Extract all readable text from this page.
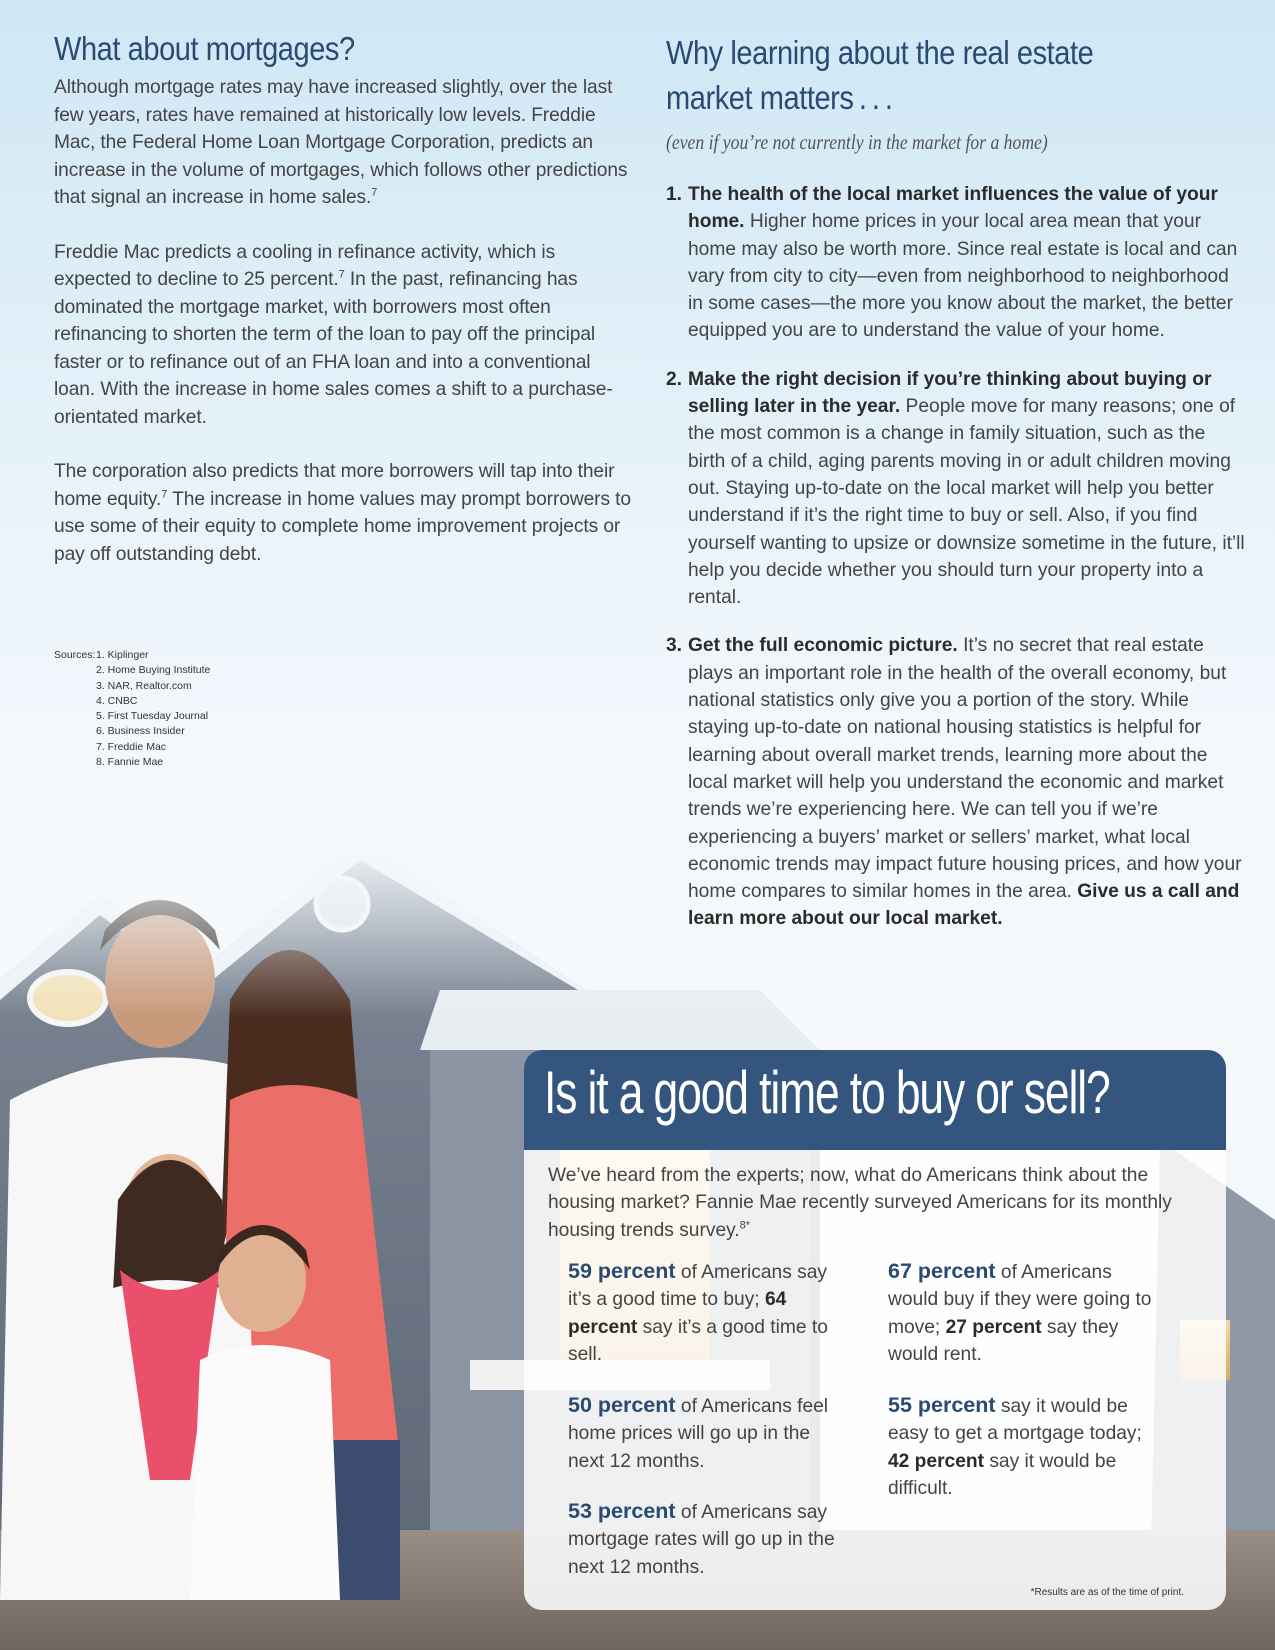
What about mortgages?

Although mortgage rates may have increased slightly, over the last few years, rates have remained at historically low levels. Freddie Mac, the Federal Home Loan Mortgage Corporation, predicts an increase in the volume of mortgages, which follows other predictions that signal an increase in home sales.$^7$

Freddie Mac predicts a cooling in refinance activity, which is expected to decline to 25 percent.$^7$ In the past, refinancing has dominated the mortgage market, with borrowers most often refinancing to shorten the term of the loan to pay off the principal faster or to refinance out of an FHA loan and into a conventional loan. With the increase in home sales comes a shift to a purchase-orientated market.

The corporation also predicts that more borrowers will tap into their home equity.$^7$ The increase in home values may prompt borrowers to use some of their equity to complete home improvement projects or pay off outstanding debt.

Sources: 1. Kiplinger
2. Home Buying Institute
3. NAR, Realtor.com
4. CNBC
5. First Tuesday Journal
6. Business Insider
7. Freddie Mac
8. Fannie Mae
Why learning about the real estate market matters . . .
(even if you’re not currently in the market for a home)
1. The health of the local market influences the value of your home. Higher home prices in your local area mean that your home may also be worth more. Since real estate is local and can vary from city to city—even from neighborhood to neighborhood in some cases—the more you know about the market, the better equipped you are to understand the value of your home.
2. Make the right decision if you’re thinking about buying or selling later in the year. People move for many reasons; one of the most common is a change in family situation, such as the birth of a child, aging parents moving in or adult children moving out. Staying up-to-date on the local market will help you better understand if it’s the right time to buy or sell. Also, if you find yourself wanting to upsize or downsize sometime in the future, it’ll help you decide whether you should turn your property into a rental.
3. Get the full economic picture. It’s no secret that real estate plays an important role in the health of the overall economy, but national statistics only give you a portion of the story. While staying up-to-date on national housing statistics is helpful for learning about overall market trends, learning more about the local market will help you understand the economic and market trends we’re experiencing here. We can tell you if we’re experiencing a buyers’ market or sellers’ market, what local economic trends may impact future housing prices, and how your home compares to similar homes in the area. Give us a call and learn more about our local market.
Is it a good time to buy or sell?

We’ve heard from the experts; now, what do Americans think about the housing market? Fannie Mae recently surveyed Americans for its monthly housing trends survey.$^{8*}$

59 percent of Americans say it’s a good time to buy; 64 percent say it’s a good time to sell.
67 percent of Americans would buy if they were going to move; 27 percent say they would rent.
50 percent of Americans feel home prices will go up in the next 12 months.
55 percent say it would be easy to get a mortgage today; 42 percent say it would be difficult.
53 percent of Americans say mortgage rates will go up in the next 12 months.
*Results are as of the time of print.
